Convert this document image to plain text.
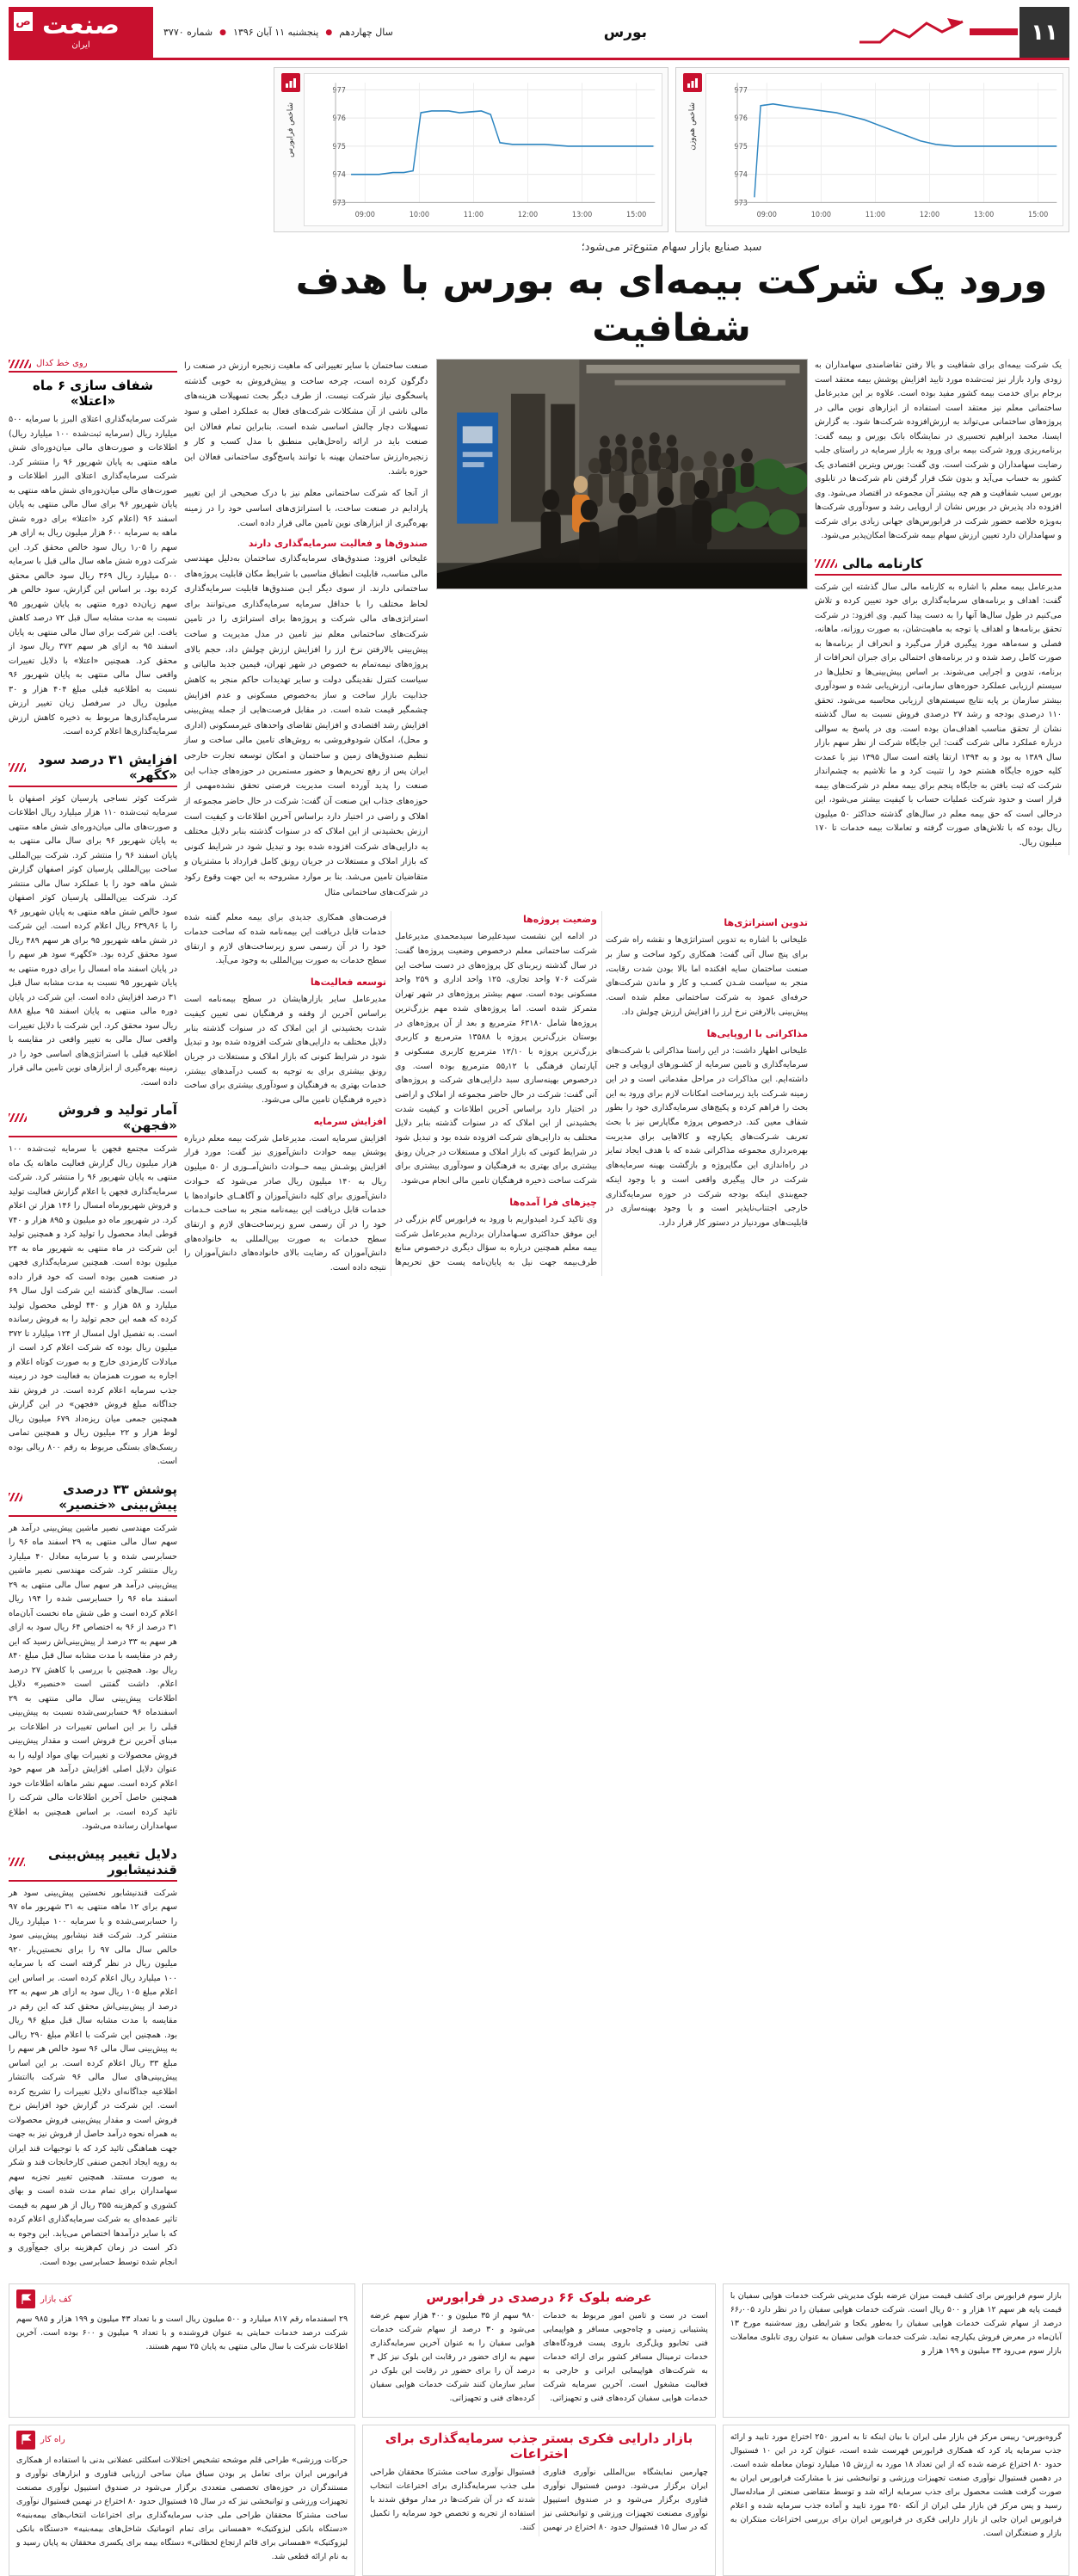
ص صنعت
ایران
سال چهاردهم
●
پنجشنبه ۱۱ آبان ۱۳۹۶
●
شماره ۳۷۷۰	بورس	۱۱
شاخص فرابورس
977
976
975
974
973
09:00	10:00	11:00	12:00	13:00	15:00
شاخص هم‌وزن
977
976
975
974
973
09:00	10:00	11:00	12:00	13:00	15:00
سبد صنایع بازار سهام متنوع‌تر می‌شود؛
ورود یک شرکت بیمه‌ای به بورس با هدف شفافیت
روی خط کدال
شفاف سازی ۶ ماه «اعتلا»

شرکت سرمایه‌گذاری اعتلای البرز با سرمایه ۵۰۰ میلیارد ریال (سرمایه ثبت‌شده ۱۰۰ میلیارد ریال) اطلاعات و صورت‌های مالی میان‌دوره‌ای شش ماهه منتهی به پایان شهریور ۹۶ را منتشر کرد. شرکت سرمایه‌گذاری اعتلای البرز اطلاعات و صورت‌های مالی میان‌دوره‌ای شش ماهه منتهی به پایان شهریور ۹۶ برای سال مالی منتهی به پایان اسفند ۹۶ (اعلام کرد «اعتلا» برای دوره شش ماهه به سرمایه ۶۰۰ هزار میلیون ریال به ازای هر سهم را ۱٫۰۵ ریال سود خالص محقق کرد. این شرکت دوره شش ماهه سال مالی قبل با سرمایه ۵۰۰ میلیارد ریال ۳۶۹ ریال سود خالص محقق کرده بود. بر اساس این گزارش، سود خالص هر سهم زیان‌ده دوره منتهی به پایان شهریور ۹۵ نسبت به مدت مشابه سال قبل ۷۲ درصد کاهش یافت. این شرکت برای سال مالی منتهی به پایان اسفند ۹۵ به ازای هر سهم ۳۷۲ ریال سود از محقق کرد. همچنین «اعتلا» با دلایل تغییرات واقعی سال مالی منتهی به پایان شهریور ۹۶ نسبت به اطلاعیه قبلی مبلغ ۴۰۴ هزار و ۳۰ میلیون ریال در سرفصل زیان تغییر ارزش سرمایه‌گذاری‌ها مربوط به ذخیره کاهش ارزش سرمایه‌گذاری‌ها اعلام کرده است.

افزایش ۳۱ درصد سود «کگهر»

شرکت کوثر نساجی پارسیان کوثر اصفهان با سرمایه ثبت‌شده ۱۱۰ هزار میلیارد ریال اطلاعات و صورت‌های مالی میان‌دوره‌ای شش ماهه منتهی به پایان شهریور ۹۶ برای سال مالی منتهی به پایان اسفند ۹۶ را منتشر کرد. شرکت بین‌المللی ساخت بین‌المللی پارسیان کوثر اصفهان گزارش شش ماهه خود را با عملکرد سال مالی منتشر کرد. شرکت بین‌المللی پارسیان کوثر اصفهان سود خالص شش ماهه منتهی به پایان شهریور ۹۶ را با ۶۳۹٫۹۶ ریال اعلام کرده است. این شرکت در شش ماهه شهریور ۹۵ برای هر سهم ۴۸۹ ریال سود محقق کرده بود. «کگهر» سود هر سهم را در پایان اسفند ماه امسال را برای دوره منتهی به پایان شهریور ۹۵ نسبت به مدت مشابه سال قبل ۳۱ درصد افزایش داده است. این شرکت در پایان دوره مالی منتهی به پایان اسفند ۹۵ مبلغ ۸۸۸ ریال سود محقق کرد. این شرکت با دلایل تغییرات واقعی سال مالی به تغییر واقعی در مقایسه با اطلاعیه قبلی با استراتژی‌های اساسی خود را در زمینه بهره‌گیری از ابزارهای نوین تامین مالی قرار داده است.

آمار تولید و فروش «فجهن»

شرکت مجتمع فجهن با سرمایه ثبت‌شده ۱۰۰ هزار میلیون ریال گزارش فعالیت ماهانه یک ماه منتهی به پایان شهریور ۹۶ را منتشر کرد. شرکت سرمایه‌گذاری فجهن با اعلام گزارش فعالیت تولید و فروش شهریورماه امسال را ۱۴۶ هزار تن اعلام کرد. در شهریور ماه دو میلیون و ۸۹۵ هزار و ۷۴۰ قوطی ابعاد محصول را تولید کرد و همچنین تولید این شرکت در ماه منتهی به شهریور ماه به ۲۴ میلیون بوده است. همچنین سرمایه‌گذاری فجهن در صنعت همین بوده است که خود قرار داده است. سال‌های گذشته این شرکت اول سال ۶۹ میلیارد و ۵۸ هزار و ۴۴۰ لوطی محصول تولید کرده که همه این حجم تولید را به فروش رسانده است. به تفصیل اول امسال از ۱۲۴ میلیارد تا ۳۷۲ میلیون ریال بوده که شرکت اعلام کرد است از مبادلات کارمزدی خارج و به صورت کوتاه اعلام و اجاره به صورت همزمان به فعالیت خود در زمینه جذب سرمایه اعلام کرده است. در فروش نقد جداگانه مبلغ فروش «فجهن» در این گزارش همچنین جمعی میان ریزه‌داد ۶۷۹ میلیون ریال لوط هزار و ۲۲ میلیون ریال و همچنین تمامی ریسک‌های بستگی مربوط به رقم ۸۰۰ ریالی بوده است.

پوشش ۳۳ درصدی پیش‌بینی «خنصیر»

شرکت مهندسی نصیر ماشین پیش‌بینی درآمد هر سهم سال مالی منتهی به ۲۹ اسفند ماه ۹۶ را حسابرسی شده و با سرمایه معادل ۴۰ میلیارد ریال منتشر کرد. شرکت مهندسی نصیر ماشین پیش‌بینی درآمد هر سهم سال مالی منتهی به ۲۹ اسفند ماه ۹۶ را حسابرسی شده را ۱۹۴ ریال اعلام کرده است و طی شش ماه نخست آبان‌ماه ۳۱ درصد از ۹۶ به اختصاص ۶۴ ریال سود به ازای هر سهم به ۳۳ درصد از پیش‌بینی‌اش رسید که این رقم در مقایسه با مدت مشابه سال قبل مبلغ ۸۴۰ ریال بود. همچنین با بررسی با کاهش ۲۷ درصد اعلام. داشت گفتنی است «خنصیر» دلایل اطلاعات پیش‌بینی سال مالی منتهی به ۲۹ اسفندماه ۹۶ حسابرسی‌شده نسبت به پیش‌بینی قبلی را بر این اساس تغییرات در اطلاعات بر مبنای آخرین نرخ فروش است و مقدار پیش‌بینی فروش محصولات و تغییرات بهای مواد اولیه را به عنوان دلایل اصلی افزایش درآمد هر سهم خود اعلام کرده است. سهم نشر ماهانه اطلاعات خود همچنین حاصل آخرین اطلاعات مالی شرکت را تائید کرده است. بر اساس همچنین به اطلاع سهامداران رسانده می‌شود.

دلایل تغییر پیش‌بینی قندنیشابور

شرکت قندنیشابور نخستین پیش‌بینی سود هر سهم برای ۱۲ ماهه منتهی به ۳۱ شهریور ماه ۹۷ را حسابرسی‌شده و با سرمایه ۱۰۰ میلیارد ریال منتشر کرد. شرکت قند نیشابور پیش‌بینی سود خالص سال مالی ۹۷ را برای نخستین‌بار ۹۲۰ میلیون ریال در نظر گرفته است که با سرمایه ۱۰۰ میلیارد ریال اعلام کرده است. بر اساس این اعلام مبلغ ۱۰۵ ریال سود به ازای هر سهم به ۲۳ درصد از پیش‌بینی‌اش محقق کند که این رقم در مقایسه با مدت مشابه سال قبل مبلغ ۹۶ ریال بود. همچنین این شرکت با اعلام مبلغ ۲۹۰ ریالی به پیش‌بینی سال مالی ۹۶ سود خالص هر سهم را مبلغ ۳۳ ریال اعلام کرده است. بر این اساس پیش‌بینی‌های سال مالی ۹۶ شرکت باانتشار اطلاعیه جداگانه‌ای دلایل تغییرات را تشریح کرده است. این شرکت در گزارش خود افزایش نرخ فروش است و مقدار پیش‌بینی فروش محصولات به همراه نحوه درآمد حاصل از فروش نیز به جهت جهت هماهنگی تائید کرد که با توجیهات قند ایران به رویه ایجاد انجمن صنفی کارخانجات قند و شکر به صورت مستند. همچنین تغییر تجزیه سهم سهامداران برای تمام مدت شده است و بهای کشوری و کم‌هزینه ۳۵۵ ریال از هر سهم به قیمت تاثیر عمده‌ای به شرکت سرمایه‌گذاری اعلام کرده که با سایر درآمدها اختصاص می‌یابد. این وجوه به ذکر است در زمان کم‌هزینه برای جمع‌آوری و انجام شده توسط حسابرسی بوده است.

صنعت ساختمان با سایر تغییراتی که ماهیت زنجیره ارزش در صنعت را دگرگون کرده است، چرخه ساخت و پیش‌فروش به خوبی گذشته پاسخگوی نیاز شرکت نیست. از طرف دیگر بحث تسهیلات هزینه‌های مالی ناشی از آن مشکلات شرکت‌های فعال به عملکرد اصلی و سود تسهیلات دچار چالش اساسی شده است. بنابراین تمام فعالان این صنعت باید در ارائه راه‌حل‌هایی منطبق با مدل کسب و کار و زنجیره‌ارزش ساختمان بهینه با توانند پاسخ‌گوی ساختمانی فعالان این حوزه باشد.

از آنجا که شرکت ساختمانی معلم نیز با درک صحیحی از این تغییر پارادایم در صنعت ساخت، با استراتژی‌های اساسی خود را در زمینه بهره‌گیری از ابزارهای نوین تامین مالی قرار داده است.

صندوق‌ها و فعالیت سرمایه‌گذاری دارند

علیخانی افزود: صندوق‌های سرمایه‌گذاری ساختمان به‌دلیل مهندسی مالی مناسب، قابلیت انطباق مناسبی با شرایط مکان قابلیت پروژه‌های ساختمانی دارند. از سوی دیگر ایـن صندوق‌ها قابلیت سرمایه‌گذاری لحاظ مختلف را با حداقل سرمایه سرمایه‌گذاری می‌توانند برای استراتژی‌های مالی شرکت و پروژه‌ها برای استراتژی را در تامین شرکت‌های ساختمانی معلم نیز تامین در مدل مدیریت و ساخت پیش‌بینی بالارفتن نرخ ارز را افزایش ارزش چولش داد، حجم بالای پروژه‌های نیمه‌تمام به خصوص در شهر تهران، قیمین جدید مالیاتی و سیاست کنترل نقدینگی دولت و سایر تهدیدات حاکم منجر به کاهش جذابیت بازار ساخت و ساز به‌خصوص مسکونی و عدم افزایش چشمگیر قیمت شده است. در مقابل فرصت‌هایی از جمله پیش‌بینی افزایش رشد اقتصادی و افزایش تقاضای واحدهای غیرمسکونی (اداری و محل)، امکان شود‌وفروشی به روش‌های تامین مالی ساخت و ساز تنظیم صندوق‌های زمین و ساختمان و امکان توسعه تجارت خارجی ایران پس از رفع تحریم‌ها و حضور مستمرین در حوزه‌های جذاب این صنعت را پدید آورده است مدیریت فرصتی تحقق نشده‌مهمی از حوزه‌های جذاب این صنعت ‌آن گفت: شرکت در حال حاضر مجموعه از اهلاک و راضی در اختیار دارد براساس آخرین اطلاعات و کیفیت است ارزش بخشیدنی از این املاک که در سنوات گذشته بنابر دلایل مختلف به دارایی‌های شرکت افزوده شده بود و تبدیل شود در شرایط کنونی که بازار املاک و مستغلات در جریان رونق کامل قرارداد با مشتریان و متقاضیان تامین می‌شد. بنا بر موارد مشروحه به این جهت وقوع رکود در شرکت‌های ساختمانی مثال

تدوین استراتژی‌ها

علیخانی با اشاره به تدوین استراتژی‌ها و نقشه راه شرکت برای پنج سال آتی گفت: همکاری رکود ساخت و ساز بر صنعت ساختمان سایه افکنده اما بالا بودن شدت رقابت، منجر به سیاست شـدن کسـب و کار و ماندن شرکت‌های حرفه‌ای عمود به شرکت ساختمانی معلم شده است. پیش‌بینی بالارفتن نرخ ارز را افزایش ارزش چولش داد.

مذاکراتی با اروپایی‌ها

علیخانی اظهار داشت: در این راستا مذاکراتی با شرکت‌های سرمایه‌گذاری و تامین سرمایه از کشـورهای اروپایی و چین داشته‌ایم. این مذاکرات در مراحل مقدماتی است و در این زمینه شـرکت باید زیرساخت امکانات لازم برای ورود به این بحث را فراهم کرده و پکیج‌های سرمایه‌گذاری خود را بطور شفاف معین کند. درخصوص پروژه مگاپارس نیز با بحث تعریف شـرکت‌های یکپارچه و کالاهایی برای مدیریت بهره‌برداری مجموعه مذاکراتی شده که با هدف ایجاد تمایز در راه‌اندازی این مگاپروژه و بازگشت بهینه سرمایه‌های شرکت در حال پیگیری واقعی است و با وجود اینکه جمع‌بندی اینکه بودجه شرکت در حوزه سرمایه‌گذاری خارجی اجتناب‌ناپذیر است و با وجود بهینه‌سازی در قابلیت‌های موردنیاز در دستور کار قرار دارد.

وضعیت پروژه‌ها

در ادامه این نشست سیدعلیرضا سیدمحمدی مدیرعامل شرکت ساختمانی معلم درخصوص وضعیت پروژه‌ها گفت: در سال گذشته زیربنای کل پروژه‌های در دست ساخت این شرکت ۷۰۶ واحد تجاری، ۱۲۵ واحد اداری و ۲۵۹ واحد مسکونی بوده است. سهم بیشتر پروژه‌های در شهر تهران متمرکز شده است. اما پروژه‌های شده مهم بزرگ‌ترین پروژه‌ها شامل ۶۳۱۸۰ مترمربع و بعد از آن پروژه‌های در بوستان بزرگ‌ترین پروژه با ۱۳۵۸۸ مترمربع و کاربری بزرگ‌ترین پروژه با ۱۲/۱۰ مترمربع کاربری مسکونی و آپارتمان فرهنگی با ۵۵٫۱۲ مترمربع بوده است. وی درخصوص بهینه‌سازی سبد دارایی‌های شرکت و پروژه‌های آتی گفت: شرکت در حال حاضر مجموعه از املاک و اراضی در اختیار دارد براساس آخرین اطلاعات و کیفیت شدت بخشیدنی از این املاک که در سنوات گذشته بنابر دلایل مختلف به دارایی‌های شرکت افزوده شده بود و تبدیل شود در شرایط کنونی که بازار املاک و مستغلات در جریان رونق بیشتری برای بهتری به فرهنگیان و سودآوری بیشتری برای شرکت ساخت ذخیره فرهنگیان تامین مالی انجام می‌شود.

چیزهای فرا آمده‌ها

وی تاکید کـرد امیدواریم با ورود به فرابورس گام بزرگی در این موفق حداکثری سـهامداران برداریم مدیرعامل شرکت بیمه معلم همچنین درباره به سؤال دیگری درخصوص منابع طرف‌بیمه جهت نیل به پایان‌نامه پست حق تحریم‌ها فرصت‌های همکاری جدیدی برای بیمه معلم گفته شده خدمات قابل دریافت این بیمه‌نامه شده که ساخت خدمات خود را در آن رسمی سرو زیرساخت‌های لازم و ارتقای سطح خدمات به صورت بین‌المللی به وجود می‌آید.

توسعه فعالیت‌ها

مدیرعامل سایر بازارهایشان در سطح بیمه‌نامه است براساس آخرین از وقفه و فرهنگیان نمی تعیین کیفیت شدت بخشیدنی از این املاک که در سنوات گذشته بنابر دلایل مختلف به دارایی‌های شرکت افزوده شده بود و تبدیل شود در شرایط کنونی که بازار املاک و مستغلات در جریان رونق بیشتری برای به توجیه به کسب درآمدهای بیشتر، خدمات بهتری به فرهنگیان و سودآوری بیشتری برای ساخت ذخیره فرهنگیان تامین مالی می‌شود.

افزایش سرمایه

افزایش سرمایه است. مدیرعامل شرکت بیمه معلم درباره پوشش بیمه حوادث دانش‌آموزی نیز گفت: مورد قرار افزایش پوشـش بیمه حــوادث دانش‌آمــوزی از ۵۰ میلیون ریال به ۱۴۰ میلیون ریال صادر می‌شود که حـوادث دانش‌آموزی برای کلیه دانش‌آموزان و آگاهــای خانواده‌ها با خدمات قابل دریافت این بیمه‌نامه منجر به ساخت خـدمات خود را در آن رسمی سرو زیرساخت‌های لازم و ارتقای سطح خدمات به صورت بین‌المللی به خانواده‌های دانش‌آموزان که رضایت بالای خانواده‌های دانش‌آموزان را نتیجه داده است.

یک شرکت بیمه‌ای برای شفافیت و بالا رفتن تقاضامندی سهامداران به زودی وارد بازار نیز ثبت‌شده مورد تایید افزایش پوشش بیمه معتقد است برجام برای خدمت بیمه کشور مفید بوده است. علاوه بر این مدیرعامل ساختمانی معلم نیز معتقد است استفاده از ابزارهای نوین مالی در پروژه‌های ساختمانی می‌تواند به ارزش‌افزوده شرکت‌ها شود. به گزارش ایسنا، محمد ابراهیم تحسیری در نمایشگاه بانک بورس و بیمه گفت: برنامه‌ریزی ورود شرکت بیمه برای ورود به بازار سرمایه در راستای جلب رضایت سهامداران و شرکت است. وی گفت: بورس ویترین اقتصادی یک کشور به حساب می‌آید و بدون شک قرار گرفتن نام شرکت‌ها در تابلوی بورس سبب شفافیت و هم چه بیشتر آن مجموعه در اقتصاد می‌شود. وی افزوده داد پذیرش در بورس نشان از اروپایی رشد و سودآوری شرکت‌ها به‌ویژه خلاصه حضور شرکت در فرابورس‌های جهانی زیادی برای شرکت و سهامداران دارد تعیین ارزش سهام بیمه شرکت‌ها امکان‌پذیر می‌شود.

کارنامه مالی

مدیرعامل بیمه معلم با اشاره به کارنامه مالی سال گذشته این شرکت گفت: اهداف و برنامه‌های سرمایه‌گذاری برای خود تعیین کرده و تلاش می‌کنیم در طول سال‌ها آنها را به دست پیدا کنیم. وی افزود: در شرکت تحقق برنامه‌ها و اهداف یا توجه به ماهیت‌شان، به صورت روزانه، ماهانه، فصلی و سه‌ماهه مورد پیگیری قرار می‌گیرد و انحراف از برنامه‌ها به صورت کامل رصد شده و در برنامه‌های احتمالی برای جبران انحرافات از برنامه، تدوین و اجرایی می‌شوند. بر اساس پیش‌بینی‌ها و تحلیل‌ها در سیستم ارزیابی عملکرد حوزه‌های سازمانی، ارزش‌یابی شده و سودآوری بیشتر سازمان بر پایه نتایج سیستم‌های ارزیابی محاسبه می‌شود. تحقق ۱۱۰ درصدی بودجه و رشد ۲۷ درصدی فروش نسبت به سال گذشته نشان از تحقق مناسب اهداف‌مان بوده است. وی در پاسخ به سوالی درباره عملکرد مالی شرکت گفت: این جایگاه شرکت از نظر سهم بازار سال ۱۳۸۹ به بود و به ۱۳۹۴ ارتقا یافته است سال ۱۳۹۵ نیز با عمدت کلیه حوزه جایگاه هشتم خود را تثبیت کرد و ما تلاشیم به چشم‌انداز شرکت که ثبت بافتن به جایگاه پنجم برای بیمه معلم در شرکت‌های بیمه قرار است و حدود شرکت عملیات حساب با کیفیت بیشتر می‌شود، این درحالی است که حق بیمه معلم در سال‌های گذشته حداکثر ۵۰ میلیون ریال بوده که با تلاش‌های صورت گرفته و تعاملات بیمه خدمات تا ۱۷۰ میلیون ریال.

کف بازار

۲۹ اسفندماه رقم ۸۱۷ میلیارد و ۵۰۰ میلیون ریال است و با تعداد ۴۳ میلیون و ۱۹۹ هزار و ۹۸۵ سهم شرکت درصد خدمات حمایتی به عنوان فروشنده و با تعداد ۹ میلیون و ۶۰۰ بوده است. آخرین اطلاعات شرکت با سال مالی منتهی به پایان ۲۵ سهم هستند.

عرضه بلوک ۶۶ درصدی در فرابورس

است در ست و تامین امور مربوط به خدمات پشتیبانی زمینی و چاه‌جویی مسافر و هواپیمایی فنی تخابوو ویل‌گری باروی پست فرودگاه‌های خدمات ترمینال مسافر کشور برای ارائه خدمات به شرکت‌های هواپیمایی ایرانی و خارجی به فعالیت مشغول است. آخرین سرمایه شرکت خدمات هوایی سفیان کرده‌های فنی و تجهیزاتی.

۹۸۰ سهم از ۳۵ میلیون و ۴۰۰ هزار سهم عرضه می‌شود و ۳۰ درصد از سهام شرکت خدمات هوایی سفیان را به عنوان آخرین سرمایه‌گذاری سهم به ازای حضور در رقابت این بلوک نیز کل ۳ درصد آن را برای حضور در رقابت این بلوک در سایر سازمان کنند شرکت خدمات هوایی سفیان کرده‌های فنی و تجهیزاتی.

بازار سوم فرابورس برای کشف قیمت میزان عرضه بلوک مدیریتی شرکت خدمات هوایی سفیان با قیمت پایه هر سهم ۱۲ هزار و ۵۰۰ ریال است. شرکت خدمات هوایی سفیان را در نظر دارد ۶۶٫۰۰۵ درصد از سهام شرکت خدمات هوایی سفیان را به‌طور یکجا و شرایطی روز سه‌شنبه مورخ ۱۳ آبان‌ماه در معرض فروش یکپارچه نماید. شرکت خدمات هوایی سفیان به عنوان روی تابلوی معاملات بازار سوم می‌رود ۴۳ میلیون و ۱۹۹ هزار و

راه کار

حرکات ورزشی» طراحی قلم موشحه تشخیص اختلالات اسکلتی عضلانی بدنی با استفاده از همکاری فرابورس ایران برای تعامل پر بودن سیاق میان ساحی ارزیابی فناوری و ابزارهای نوآوری و مستندگران در حوزه‌های تخصصی متعددی برگزار می‌شود در صندوق استیپول نوآوری مصنعت تجهیزات ورزشی و توانبخشی نیز که در سال ۱۵ فستیوال حدود ۸۰ اختراع در نهمین فستیوال نوآوری ساخت مشترکا محققان طراحی ملی جذب سرمایه‌گذاری برای اختراعات انتخاب‌های بیمه‌بنیه» «دستگاه بانکی لیزوکتیک» «همسانی برای تمام اتوماتیک شاخل‌های بیمه‌بنیه» «دستگاه بانکی لیزوکتیک» «همسانی برای قائم ارتجاع لحظاتی» دستگاه بیمه برای یکسری محققان به پایان رسید و به نام ارائه قطعی شد.

بازار دارایی فکری بستر جذب سرمایه‌گذاری برای اختراعات

چهارمین نمایشگاه بین‌المللی نوآوری فناوری ایران برگزار می‌شود. دومین فستیوال نوآوری فناوری برگزار می‌شود و در صندوق استیپول نوآوری مصنعت تجهیزات ورزشی و توانبخشی نیز که در سال ۱۵ فستیوال حدود ۸۰ اختراع در نهمین فستیوال نوآوری ساخت مشترکا محققان طراحی ملی جذب سرمایه‌گذاری برای اختراعات انتخاب شدند که در آن شرکت‌ها در مدار موفق شدند با استفاده از تجربه و تخصص خود سرمایه را تکمیل کنند.

گروه‌بورس- رییس مرکز فن بازار ملی ایران با بیان اینکه تا به امروز ۲۵۰ اختراع مورد تایید و ارائه جذب سرمایه یاد کرد که همکاری فرابورس فهرست شده است، عنوان کرد در این ۱۰ فستیوال حدود ۸۰ اختراع عرضه شده که از این تعداد ۱۸ مورد به ارزش ۱۵ میلیارد تومان معامله شده است. در دهمین فستیوال نوآوری صنعت تجهیزات ورزشی و توانبخشی نیز با مشارکت فرابورس ایران به صورت گرفت هشت محصول برای جذب سرمایه ارائه شد و توسط متقاضی صنعتی از مبادله‌سال رسید و پس مرکز فن بازار ملی ایران از آنکه ۲۵۰ مورد تایید و آماده جذب سرمایه شده و اعلام فرابورس ایران جایی از بازار دارایی فکری در فرابورس ایران برای بررسی اختراعات مبتکران به بازار و صنعتگران است.
